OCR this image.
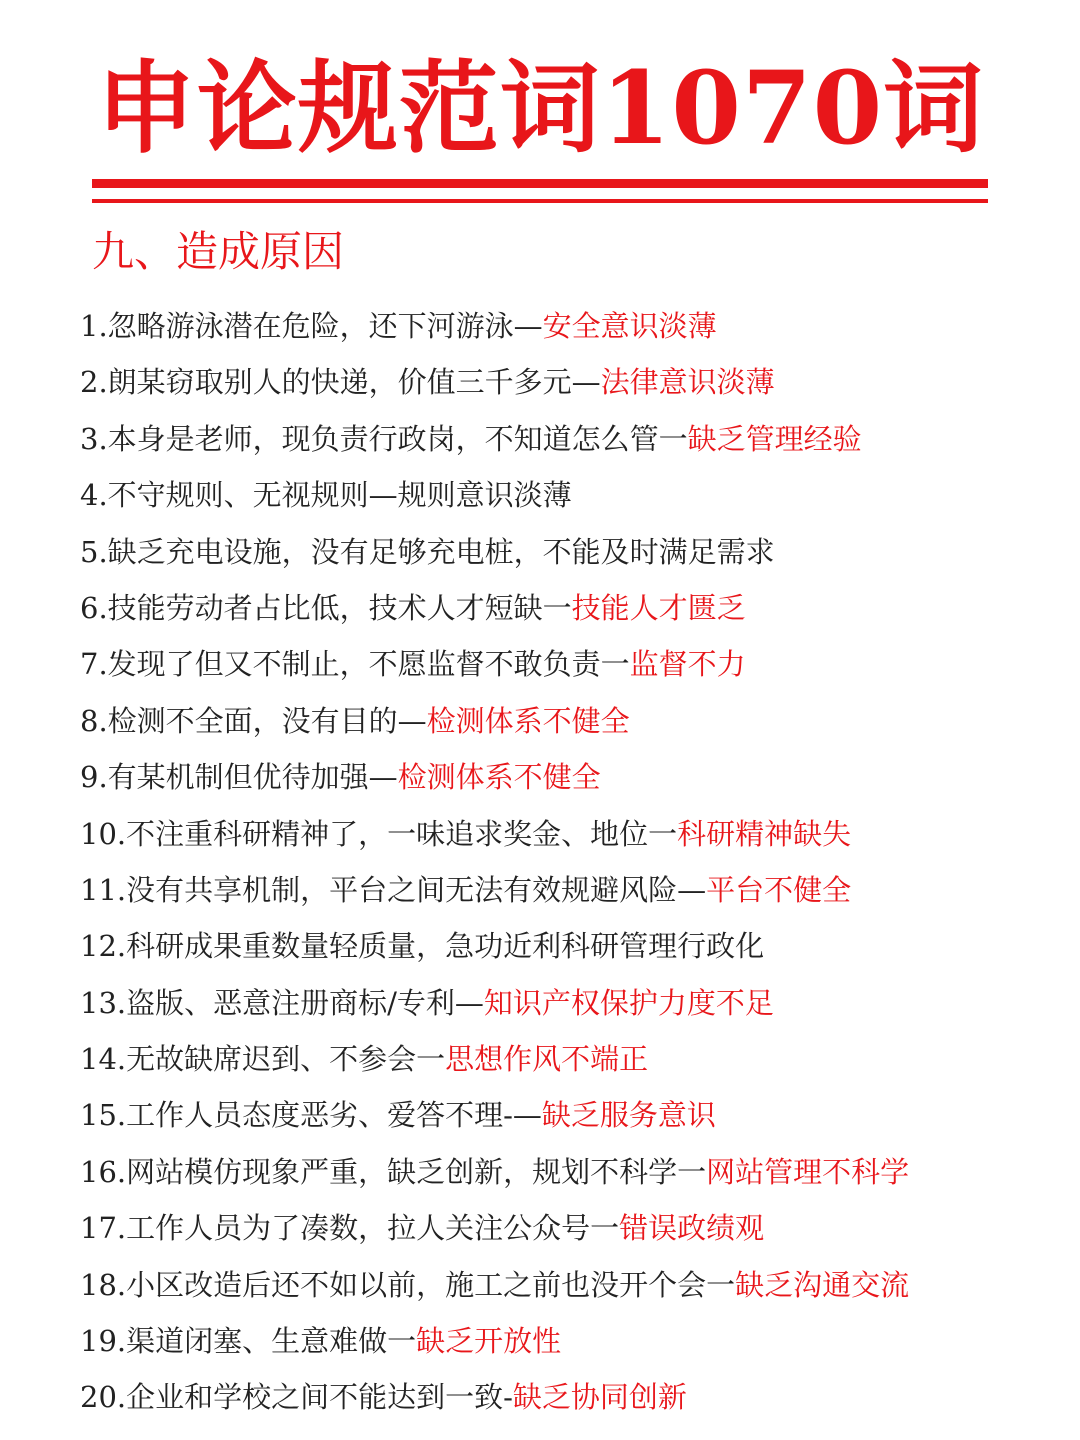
申论规范词1070词
九、造成原因
1.忽略游泳潜在危险，还下河游泳—安全意识淡薄
2.朗某窃取别人的快递，价值三千多元—法律意识淡薄
3.本身是老师，现负责行政岗，不知道怎么管一缺乏管理经验
4.不守规则、无视规则—规则意识淡薄
5.缺乏充电设施，没有足够充电桩，不能及时满足需求
6.技能劳动者占比低，技术人才短缺一技能人才匮乏
7.发现了但又不制止，不愿监督不敢负责一监督不力
8.检测不全面，没有目的—检测体系不健全
9.有某机制但优待加强—检测体系不健全
10.不注重科研精神了，一味追求奖金、地位一科研精神缺失
11.没有共享机制，平台之间无法有效规避风险—平台不健全
12.科研成果重数量轻质量，急功近利科研管理行政化
13.盗版、恶意注册商标/专利—知识产权保护力度不足
14.无故缺席迟到、不参会一思想作风不端正
15.工作人员态度恶劣、爱答不理-—缺乏服务意识
16.网站模仿现象严重，缺乏创新，规划不科学一网站管理不科学
17.工作人员为了凑数，拉人关注公众号一错误政绩观
18.小区改造后还不如以前，施工之前也没开个会一缺乏沟通交流
19.渠道闭塞、生意难做一缺乏开放性
20.企业和学校之间不能达到一致-缺乏协同创新
